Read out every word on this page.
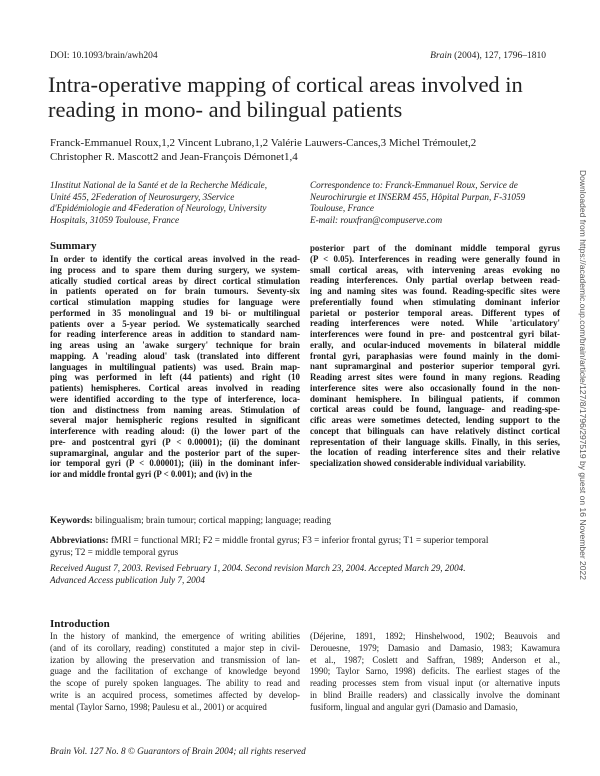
DOI: 10.1093/brain/awh204	Brain (2004), 127, 1796–1810
Intra-operative mapping of cortical areas involved in reading in mono- and bilingual patients
Franck-Emmanuel Roux,1,2 Vincent Lubrano,1,2 Valérie Lauwers-Cances,3 Michel Trémoulet,2
Christopher R. Mascott2 and Jean-François Démonet1,4
1Institut National de la Santé et de la Recherche Médicale,
Unité 455, 2Federation of Neurosurgery, 3Service
d'Epidémiologie and 4Federation of Neurology, University
Hospitals, 31059 Toulouse, France
Correspondence to: Franck-Emmanuel Roux, Service de
Neurochirurgie et INSERM 455, Hôpital Purpan, F-31059
Toulouse, France
E-mail: rouxfran@compuserve.com
Summary
In order to identify the cortical areas involved in the read-
ing process and to spare them during surgery, we system-
atically studied cortical areas by direct cortical stimulation
in patients operated on for brain tumours. Seventy-six
cortical stimulation mapping studies for language were
performed in 35 monolingual and 19 bi- or multilingual
patients over a 5-year period. We systematically searched
for reading interference areas in addition to standard nam-
ing areas using an 'awake surgery' technique for brain
mapping. A 'reading aloud' task (translated into different
languages in multilingual patients) was used. Brain map-
ping was performed in left (44 patients) and right (10
patients) hemispheres. Cortical areas involved in reading
were identified according to the type of interference, loca-
tion and distinctness from naming areas. Stimulation of
several major hemispheric regions resulted in significant
interference with reading aloud: (i) the lower part of the
pre- and postcentral gyri (P < 0.00001); (ii) the dominant
supramarginal, angular and the posterior part of the super-
ior temporal gyri (P < 0.00001); (iii) in the dominant infer-
ior and middle frontal gyri (P < 0.001); and (iv) in the
posterior part of the dominant middle temporal gyrus
(P < 0.05). Interferences in reading were generally found in
small cortical areas, with intervening areas evoking no
reading interferences. Only partial overlap between read-
ing and naming sites was found. Reading-specific sites were
preferentially found when stimulating dominant inferior
parietal or posterior temporal areas. Different types of
reading interferences were noted. While 'articulatory'
interferences were found in pre- and postcentral gyri bilat-
erally, and ocular-induced movements in bilateral middle
frontal gyri, paraphasias were found mainly in the domi-
nant supramarginal and posterior superior temporal gyri.
Reading arrest sites were found in many regions. Reading
interference sites were also occasionally found in the non-
dominant hemisphere. In bilingual patients, if common
cortical areas could be found, language- and reading-spe-
cific areas were sometimes detected, lending support to the
concept that bilinguals can have relatively distinct cortical
representation of their language skills. Finally, in this series,
the location of reading interference sites and their relative
specialization showed considerable individual variability.
Keywords: bilingualism; brain tumour; cortical mapping; language; reading
Abbreviations: fMRI = functional MRI; F2 = middle frontal gyrus; F3 = inferior frontal gyrus; T1 = superior temporal
gyrus; T2 = middle temporal gyrus
Received August 7, 2003. Revised February 1, 2004. Second revision March 23, 2004. Accepted March 29, 2004.
Advanced Access publication July 7, 2004
Introduction
In the history of mankind, the emergence of writing abilities
(and of its corollary, reading) constituted a major step in civil-
ization by allowing the preservation and transmission of lan-
guage and the facilitation of exchange of knowledge beyond
the scope of purely spoken languages. The ability to read and
write is an acquired process, sometimes affected by develop-
mental (Taylor Sarno, 1998; Paulesu et al., 2001) or acquired
(Déjerine, 1891, 1892; Hinshelwood, 1902; Beauvois and
Derouesne, 1979; Damasio and Damasio, 1983; Kawamura
et al., 1987; Coslett and Saffran, 1989; Anderson et al.,
1990; Taylor Sarno, 1998) deficits. The earliest stages of the
reading processes stem from visual input (or alternative inputs
in blind Braille readers) and classically involve the dominant
fusiform, lingual and angular gyri (Damasio and Damasio,
Brain Vol. 127 No. 8 © Guarantors of Brain 2004; all rights reserved
Downloaded from https://academic.oup.com/brain/article/127/8/1796/297519 by guest on 16 November 2022
